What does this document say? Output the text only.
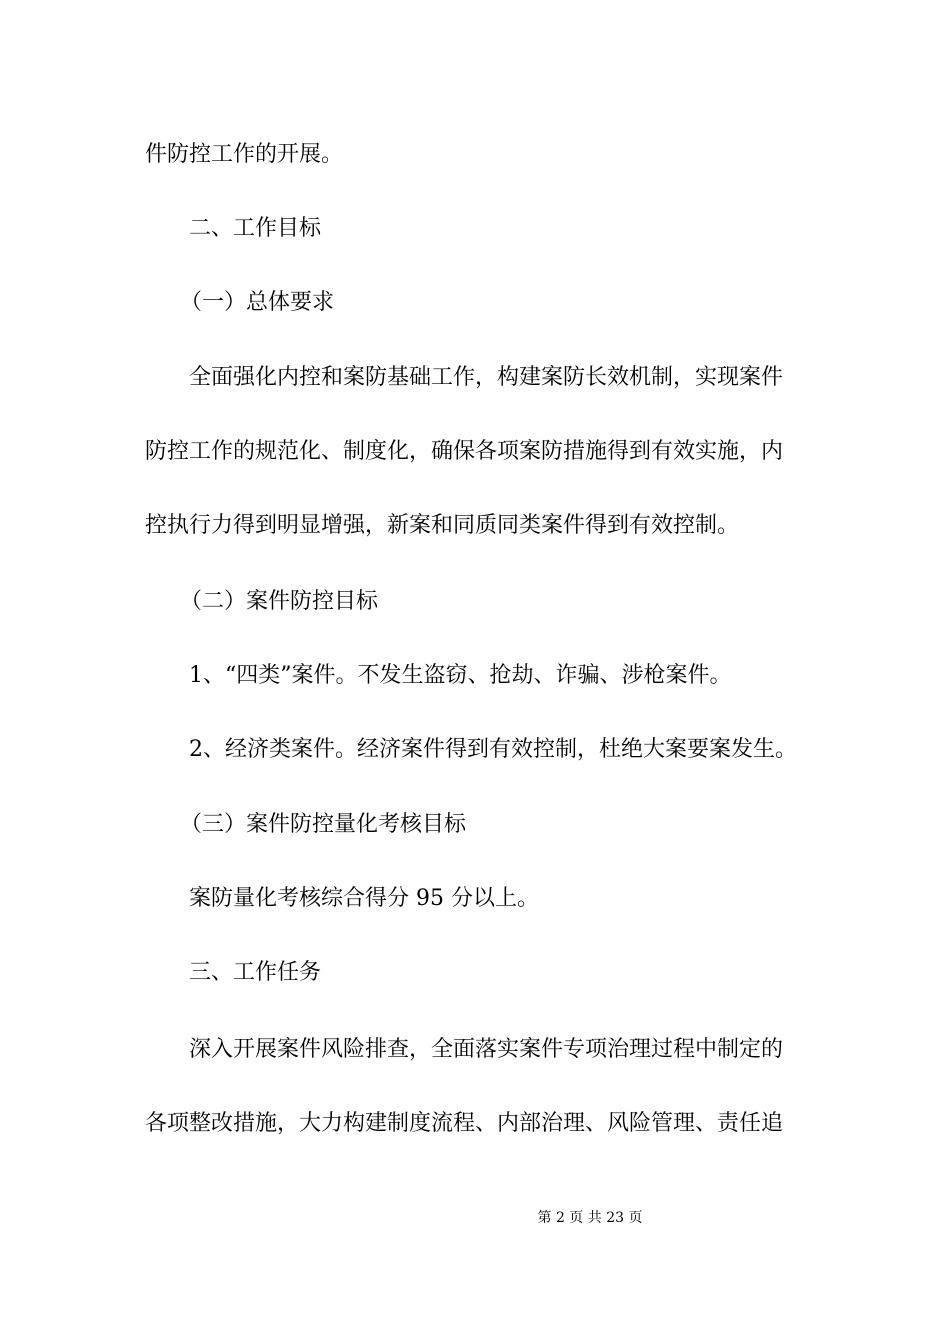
件防控工作的开展。
二、工作目标
（一）总体要求
全面强化内控和案防基础工作，构建案防长效机制，实现案件
防控工作的规范化、制度化，确保各项案防措施得到有效实施，内
控执行力得到明显增强，新案和同质同类案件得到有效控制。
（二）案件防控目标
1、“四类”案件。不发生盗窃、抢劫、诈骗、涉枪案件。
2、经济类案件。经济案件得到有效控制，杜绝大案要案发生。
（三）案件防控量化考核目标
案防量化考核综合得分 95 分以上。
三、工作任务
深入开展案件风险排查，全面落实案件专项治理过程中制定的
各项整改措施，大力构建制度流程、内部治理、风险管理、责任追
第 2 页 共 23 页
